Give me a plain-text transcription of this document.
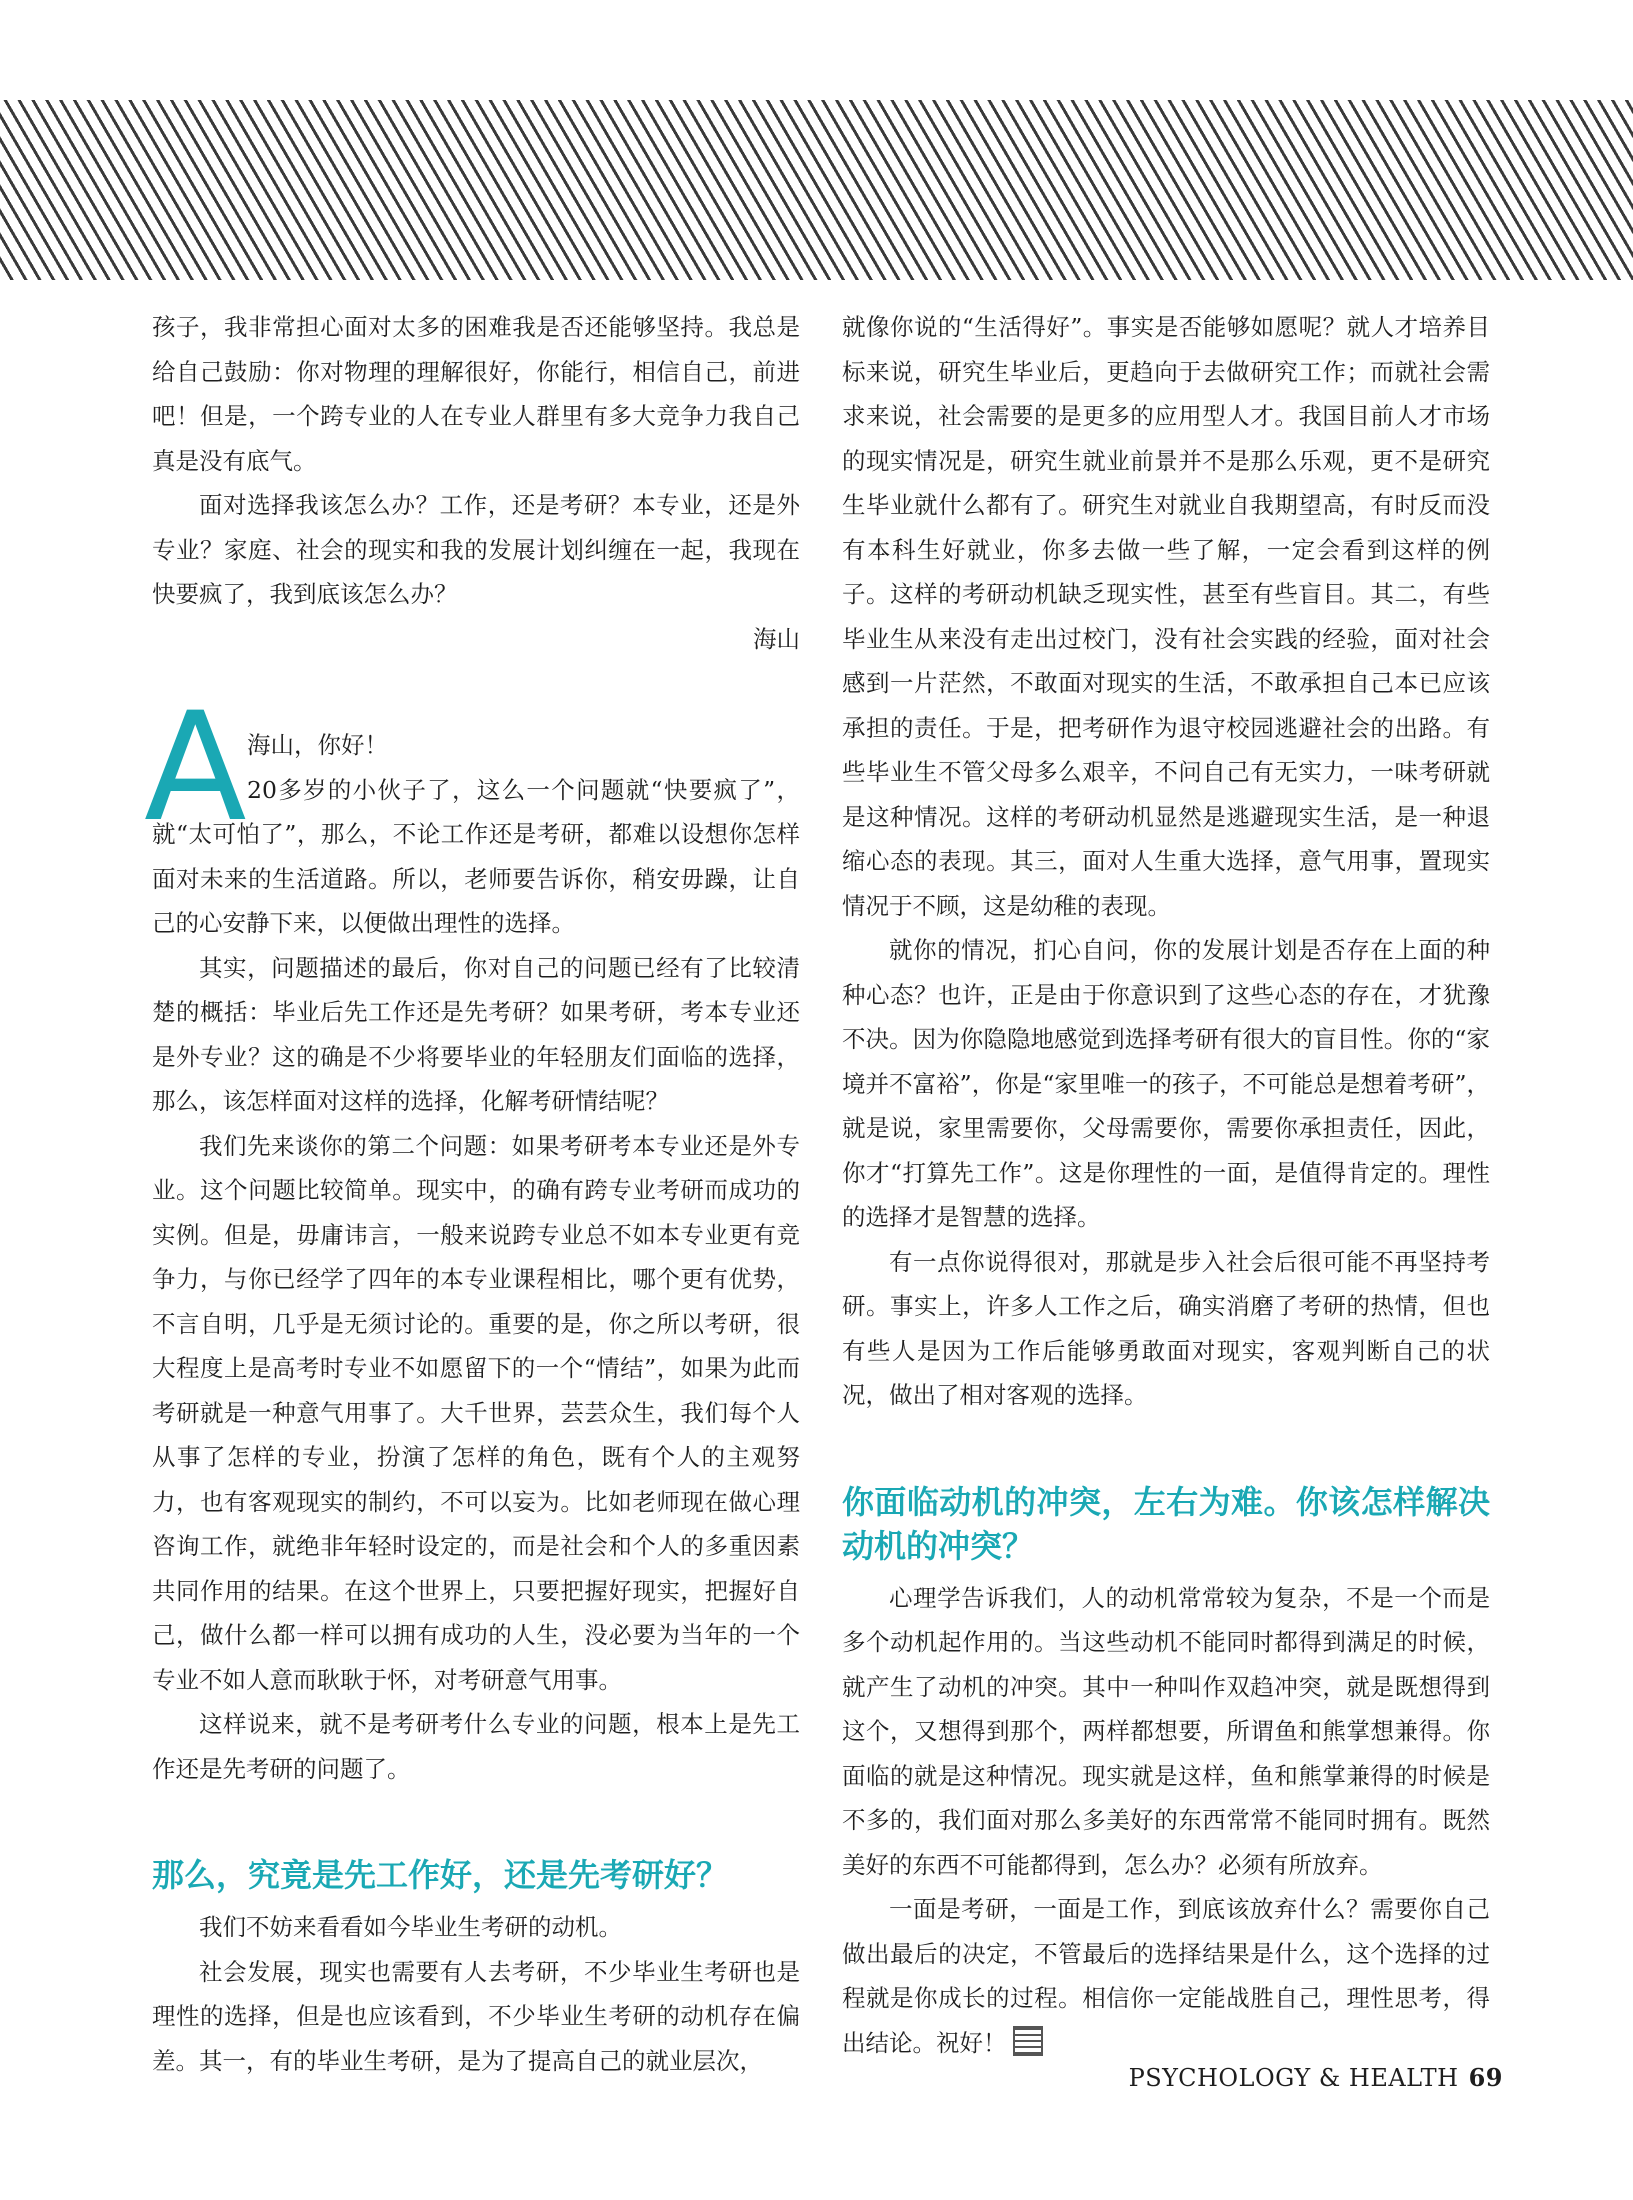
孩子，我非常担心面对太多的困难我是否还能够坚持。我总是给自己鼓励：你对物理的理解很好，你能行，相信自己，前进吧！但是，一个跨专业的人在专业人群里有多大竞争力我自己真是没有底气。

面对选择我该怎么办？工作，还是考研？本专业，还是外专业？家庭、社会的现实和我的发展计划纠缠在一起，我现在快要疯了，我到底该怎么办？

海山

A 海山，你好！

20多岁的小伙子了，这么一个问题就“快要疯了”，就“太可怕了”，那么，不论工作还是考研，都难以设想你怎样面对未来的生活道路。所以，老师要告诉你，稍安毋躁，让自己的心安静下来，以便做出理性的选择。

其实，问题描述的最后，你对自己的问题已经有了比较清楚的概括：毕业后先工作还是先考研？如果考研，考本专业还是外专业？这的确是不少将要毕业的年轻朋友们面临的选择，那么，该怎样面对这样的选择，化解考研情结呢？

我们先来谈你的第二个问题：如果考研考本专业还是外专业。这个问题比较简单。现实中，的确有跨专业考研而成功的实例。但是，毋庸讳言，一般来说跨专业总不如本专业更有竞争力，与你已经学了四年的本专业课程相比，哪个更有优势，不言自明，几乎是无须讨论的。重要的是，你之所以考研，很大程度上是高考时专业不如愿留下的一个“情结”，如果为此而考研就是一种意气用事了。大千世界，芸芸众生，我们每个人从事了怎样的专业，扮演了怎样的角色，既有个人的主观努力，也有客观现实的制约，不可以妄为。比如老师现在做心理咨询工作，就绝非年轻时设定的，而是社会和个人的多重因素共同作用的结果。在这个世界上，只要把握好现实，把握好自己，做什么都一样可以拥有成功的人生，没必要为当年的一个专业不如人意而耿耿于怀，对考研意气用事。

这样说来，就不是考研考什么专业的问题，根本上是先工作还是先考研的问题了。

那么，究竟是先工作好，还是先考研好？

我们不妨来看看如今毕业生考研的动机。

社会发展，现实也需要有人去考研，不少毕业生考研也是理性的选择，但是也应该看到，不少毕业生考研的动机存在偏差。其一，有的毕业生考研，是为了提高自己的就业层次，

就像你说的“生活得好”。事实是否能够如愿呢？就人才培养目标来说，研究生毕业后，更趋向于去做研究工作；而就社会需求来说，社会需要的是更多的应用型人才。我国目前人才市场的现实情况是，研究生就业前景并不是那么乐观，更不是研究生毕业就什么都有了。研究生对就业自我期望高，有时反而没有本科生好就业，你多去做一些了解，一定会看到这样的例子。这样的考研动机缺乏现实性，甚至有些盲目。其二，有些毕业生从来没有走出过校门，没有社会实践的经验，面对社会感到一片茫然，不敢面对现实的生活，不敢承担自己本已应该承担的责任。于是，把考研作为退守校园逃避社会的出路。有些毕业生不管父母多么艰辛，不问自己有无实力，一味考研就是这种情况。这样的考研动机显然是逃避现实生活，是一种退缩心态的表现。其三，面对人生重大选择，意气用事，置现实情况于不顾，这是幼稚的表现。

就你的情况，扪心自问，你的发展计划是否存在上面的种种心态？也许，正是由于你意识到了这些心态的存在，才犹豫不决。因为你隐隐地感觉到选择考研有很大的盲目性。你的“家境并不富裕”，你是“家里唯一的孩子，不可能总是想着考研”，就是说，家里需要你，父母需要你，需要你承担责任，因此，你才“打算先工作”。这是你理性的一面，是值得肯定的。理性的选择才是智慧的选择。

有一点你说得很对，那就是步入社会后很可能不再坚持考研。事实上，许多人工作之后，确实消磨了考研的热情，但也有些人是因为工作后能够勇敢面对现实，客观判断自己的状况，做出了相对客观的选择。

你面临动机的冲突，左右为难。你该怎样解决动机的冲突？

心理学告诉我们，人的动机常常较为复杂，不是一个而是多个动机起作用的。当这些动机不能同时都得到满足的时候，就产生了动机的冲突。其中一种叫作双趋冲突，就是既想得到这个，又想得到那个，两样都想要，所谓鱼和熊掌想兼得。你面临的就是这种情况。现实就是这样，鱼和熊掌兼得的时候是不多的，我们面对那么多美好的东西常常不能同时拥有。既然美好的东西不可能都得到，怎么办？必须有所放弃。

一面是考研，一面是工作，到底该放弃什么？需要你自己做出最后的决定，不管最后的选择结果是什么，这个选择的过程就是你成长的过程。相信你一定能战胜自己，理性思考，得出结论。祝好！

PSYCHOLOGY & HEALTH 69
